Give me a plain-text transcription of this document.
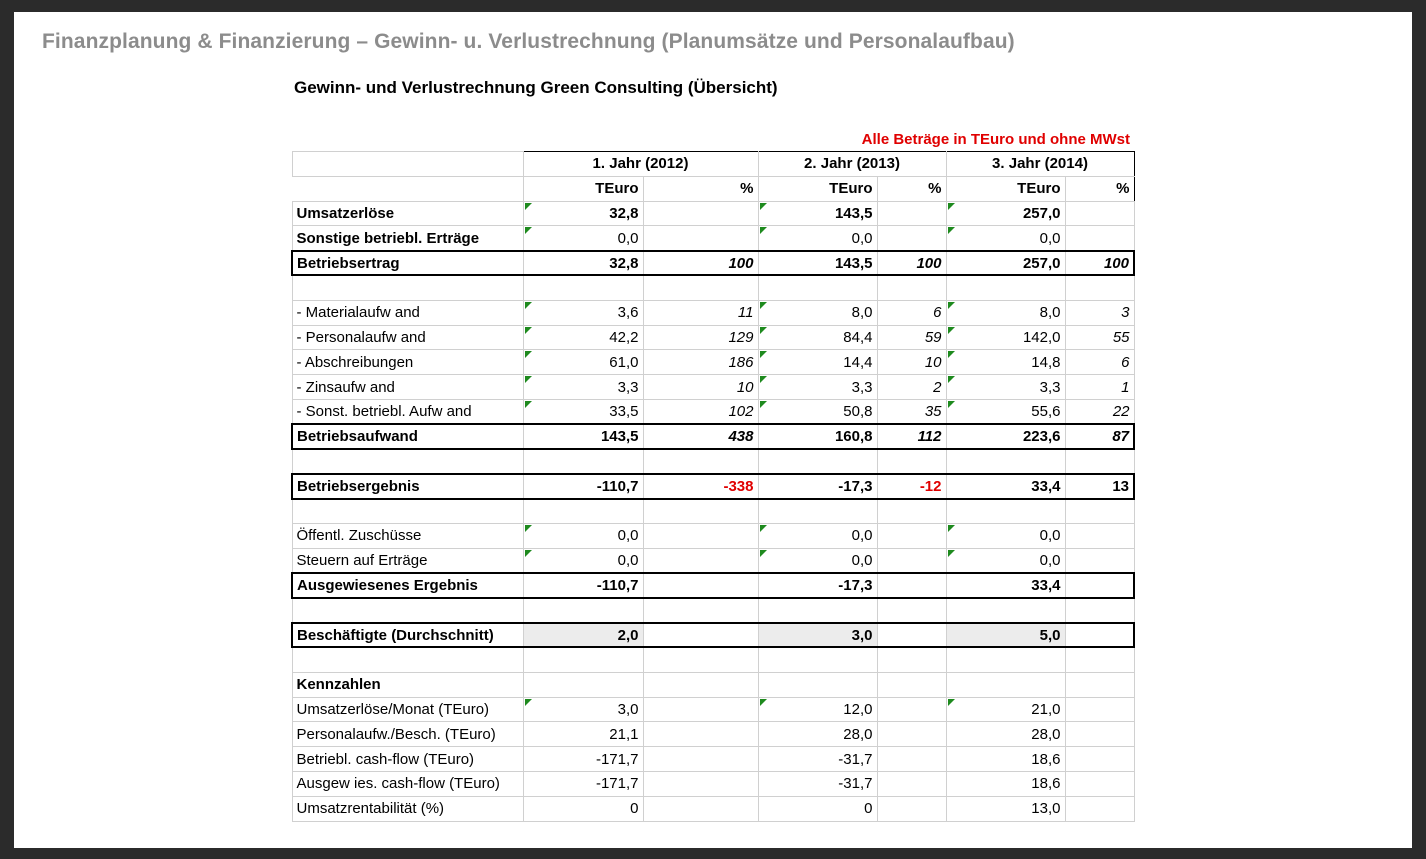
Finanzplanung & Finanzierung – Gewinn- u. Verlustrechnung (Planumsätze und Personalaufbau)
Gewinn- und Verlustrechnung Green Consulting (Übersicht)
Alle Beträge in TEuro und ohne MWst
	1. Jahr (2012)		2. Jahr (2013)		3. Jahr (2014)	
	TEuro	%	TEuro	%	TEuro	%
Umsatzerlöse	32,8		143,5		257,0	
Sonstige betriebl. Erträge	0,0		0,0		0,0	
Betriebsertrag	32,8	100	143,5	100	257,0	100

- Materialaufw and	3,6	11	8,0	6	8,0	3
- Personalaufw and	42,2	129	84,4	59	142,0	55
- Abschreibungen	61,0	186	14,4	10	14,8	6
- Zinsaufw and	3,3	10	3,3	2	3,3	1
- Sonst. betriebl. Aufw and	33,5	102	50,8	35	55,6	22
Betriebsaufwand	143,5	438	160,8	112	223,6	87

Betriebsergebnis	-110,7	-338	-17,3	-12	33,4	13

Öffentl. Zuschüsse	0,0		0,0		0,0	
Steuern auf Erträge	0,0		0,0		0,0	
Ausgewiesenes Ergebnis	-110,7		-17,3		33,4	

Beschäftigte (Durchschnitt)	2,0		3,0		5,0	

Kennzahlen						
Umsatzerlöse/Monat (TEuro)	3,0		12,0		21,0	
Personalaufw./Besch. (TEuro)	21,1		28,0		28,0	
Betriebl. cash-flow (TEuro)	-171,7		-31,7		18,6	
Ausgew ies. cash-flow (TEuro)	-171,7		-31,7		18,6	
Umsatzrentabilität (%)	0		0		13,0	
